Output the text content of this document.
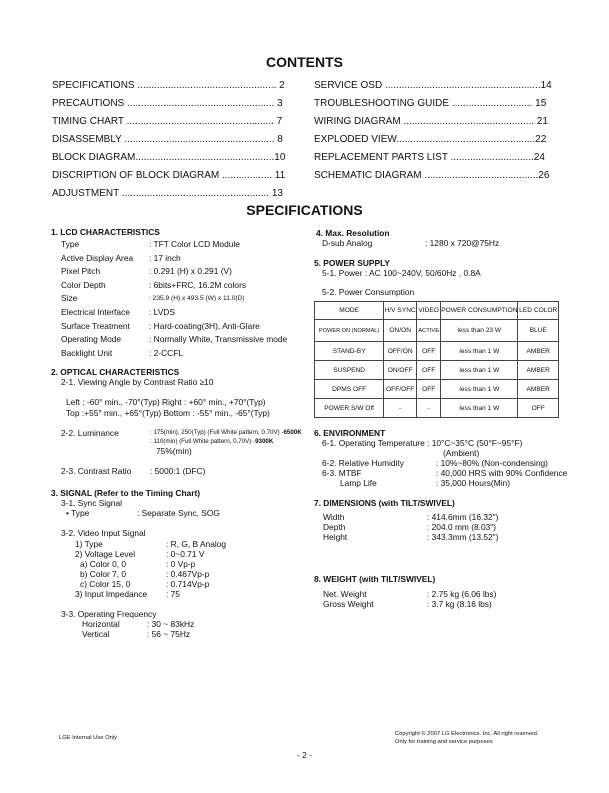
CONTENTS
SPECIFICATIONS .................................................. 2
PRECAUTIONS ..................................................... 3
TIMING CHART ..................................................... 7
DISASSEMBLY ...................................................... 8
BLOCK DIAGRAM..................................................10
DISCRIPTION OF BLOCK DIAGRAM .................. 11
ADJUSTMENT ..................................................... 13
SERVICE OSD ........................................................14
TROUBLESHOOTING GUIDE ............................. 15
WIRING DIAGRAM ............................................... 21
EXPLODED VIEW..................................................22
REPLACEMENT PARTS LIST ..............................24
SCHEMATIC DIAGRAM .........................................26
SPECIFICATIONS
1. LCD CHARACTERISTICS
Type	: TFT Color LCD Module
Active Display Area	: 17 inch
Pixel Pitch	: 0.291 (H) x 0.291 (V)
Color Depth	: 6bits+FRC, 16.2M colors
Size	: 235.9 (H) x 493.5 (W) x 11.0(D)
Electrical Interface	: LVDS
Surface Treatment	: Hard-coating(3H), Anti-Glare
Operating Mode	: Normally White, Transmissive mode
Backlight Unit	: 2-CCFL
2. OPTICAL CHARACTERISTICS
2-1. Viewing Angle by Contrast Ratio ≥10
Left : -60° min., -70°(Typ) Right : +60° min., +70°(Typ)
Top :+55° min., +65°(Typ) Bottom : -55° min., -65°(Typ)
2-2. Luminance	: 175(min), 250(Typ) (Full White pattern, 0.70V) -6500K
: 110(min) (Full White pattern, 0.70V) -9300K
75%(min)
2-3. Contrast Ratio : 5000:1 (DFC)
3. SIGNAL (Refer to the Timing Chart)
3-1. Sync Signal
• Type	: Separate Sync, SOG
3-2. Video Input Signal
1) Type	: R, G, B Analog
2) Voltage Level	: 0~0.71 V
a) Color 0, 0	: 0 Vp-p
b) Color 7, 0	: 0.467Vp-p
c) Color 15, 0	: 0.714Vp-p
3) Input Impedance : 75
3-3. Operating Frequency
Horizontal	: 30 ~ 83kHz
Vertical	: 56 ~ 75Hz
4. Max. Resolution
D-sub Analog	: 1280 x 720@75Hz
5. POWER SUPPLY
5-1. Power : AC 100~240V, 50/60Hz , 0.8A
5-2. Power Consumption
MODE	H/V SYNC	VIDEO	POWER CONSUMPTION	LED COLOR
POWER ON (NORMAL)	ON/ON	ACTIVE	less than 23 W	BLUE
STAND-BY	OFF/ON	OFF	less than 1 W	AMBER
SUSPEND	ON/OFF	OFF	less than 1 W	AMBER
DPMS OFF	OFF/OFF	OFF	less than 1 W	AMBER
POWER S/W Off	-	-	less than 1 W	OFF
6. ENVIRONMENT
6-1. Operating Temperature : 10°C~35°C (50°F~95°F)
(Ambient)
6-2. Relative Humidity	: 10%~80% (Non-condensing)
6-3. MTBF	: 40,000 HRS with 90% Confidence
Lamp Life	: 35,000 Hours(Min)
7. DIMENSIONS (with TILT/SWIVEL)
Width	: 414.6mm (16.32")
Depth	: 204.0 mm (8.03")
Height	: 343.3mm (13.52")
8. WEIGHT (with TILT/SWIVEL)
Net. Weight	: 2.75 kg (6.06 lbs)
Gross Weight	: 3.7 kg (8.16 lbs)
LGE Internal Use Only
Copyright © 2007 LG Electronics. Inc. All right reserved.
Only for training and service purposes
- 2 -
